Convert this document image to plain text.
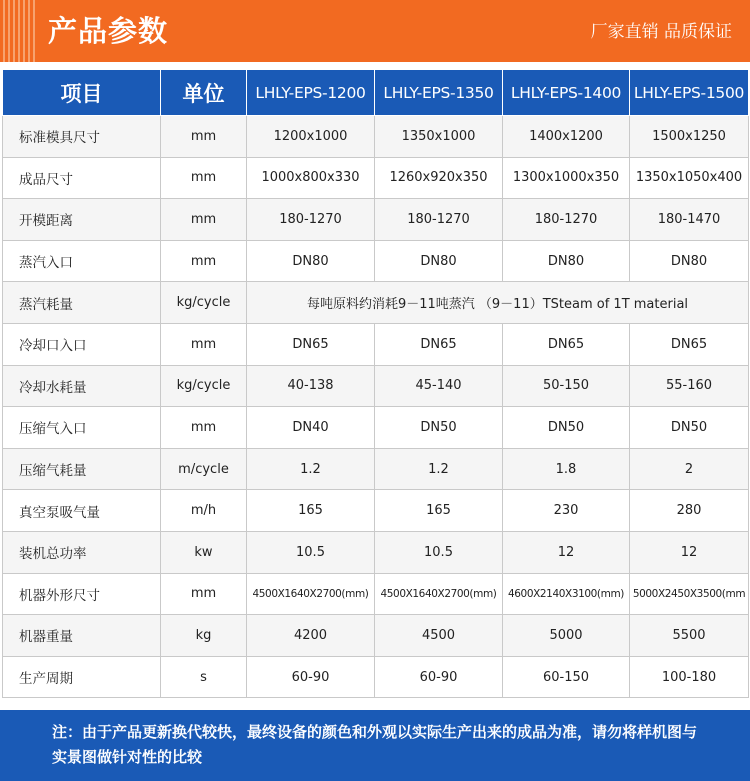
产品参数	厂家直销 品质保证
项目	单位	LHLY-EPS-1200	LHLY-EPS-1350	LHLY-EPS-1400	LHLY-EPS-1500
标准模具尺寸	mm	1200x1000	1350x1000	1400x1200	1500x1250
成品尺寸	mm	1000x800x330	1260x920x350	1300x1000x350	1350x1050x400
开模距离	mm	180-1270	180-1270	180-1270	180-1470
蒸汽入口	mm	DN80	DN80	DN80	DN80
蒸汽耗量	kg/cycle	每吨原料约消耗9－11吨蒸汽 （9－11）TSteam of 1T material			
冷却口入口	mm	DN65	DN65	DN65	DN65
冷却水耗量	kg/cycle	40-138	45-140	50-150	55-160
压缩气入口	mm	DN40	DN50	DN50	DN50
压缩气耗量	m/cycle	1.2	1.2	1.8	2
真空泵吸气量	m/h	165	165	230	280
装机总功率	kw	10.5	10.5	12	12
机器外形尺寸	mm	4500X1640X2700(mm)	4500X1640X2700(mm)	4600X2140X3100(mm)	5000X2450X3500(mm
机器重量	kg	4200	4500	5000	5500
生产周期	s	60-90	60-90	60-150	100-180
注：由于产品更新换代较快，最终设备的颜色和外观以实际生产出来的成品为准，请勿将样机图与实景图做针对性的比较
